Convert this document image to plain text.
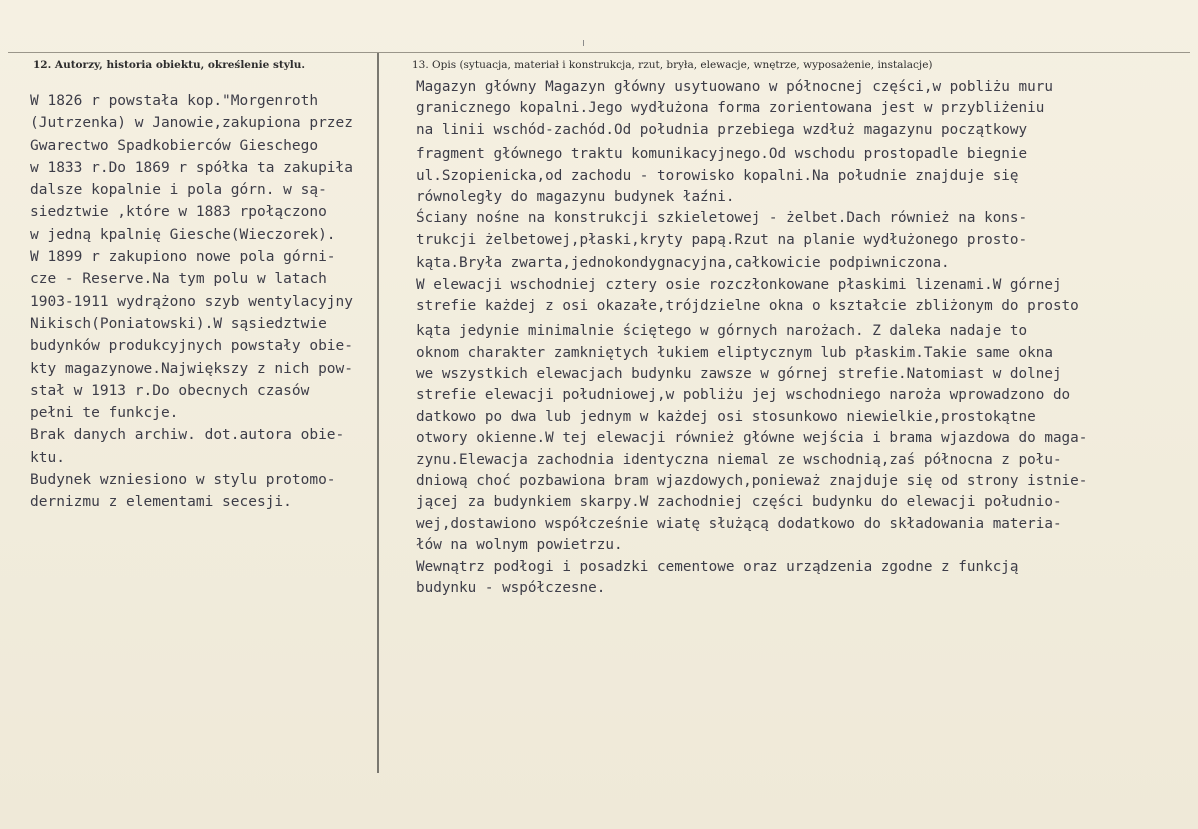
12. Autorzy, historia obiektu, określenie stylu.	13. Opis (sytuacja, materiał i konstrukcja, rzut, bryła, elewacje, wnętrze, wyposażenie, instalacje)
W 1826 r powstała kop."Morgenroth
(Jutrzenka) w Janowie,zakupiona przez
Gwarectwo Spadkobierców Gieschego
w 1833 r.Do 1869 r spółka ta zakupiła
dalsze kopalnie i pola górn. w są-
siedztwie ,które w 1883 rpołączono
w jedną kpalnię Giesche(Wieczorek).
W 1899 r zakupiono nowe pola górni-
cze - Reserve.Na tym polu w latach
1903-1911 wydrążono szyb wentylacyjny
Nikisch(Poniatowski).W sąsiedztwie
budynków produkcyjnych powstały obie-
kty magazynowe.Największy z nich pow-
stał w 1913 r.Do obecnych czasów
pełni te funkcje.
Brak danych archiw. dot.autora obie-
ktu.
Budynek wzniesiono w stylu protomo-
dernizmu z elementami secesji.
Magazyn główny Magazyn główny usytuowano w północnej części,w pobliżu muru
granicznego kopalni.Jego wydłużona forma zorientowana jest w przybliżeniu
na linii wschód-zachód.Od południa przebiega wzdłuż magazynu początkowy
fragment głównego traktu komunikacyjnego.Od wschodu prostopadle biegnie
ul.Szopienicka,od zachodu - torowisko kopalni.Na południe znajduje się
równoległy do magazynu budynek łaźni.
Ściany nośne na konstrukcji szkieletowej - żelbet.Dach również na kons-
trukcji żelbetowej,płaski,kryty papą.Rzut na planie wydłużonego prosto-
kąta.Bryła zwarta,jednokondygnacyjna,całkowicie podpiwniczona.
W elewacji wschodniej cztery osie rozczłonkowane płaskimi lizenami.W górnej
strefie każdej z osi okazałe,trójdzielne okna o kształcie zbliżonym do prosto
kąta jedynie minimalnie ściętego w górnych narożach. Z daleka nadaje to
oknom charakter zamkniętych łukiem eliptycznym lub płaskim.Takie same okna
we wszystkich elewacjach budynku zawsze w górnej strefie.Natomiast w dolnej
strefie elewacji południowej,w pobliżu jej wschodniego naroża wprowadzono do
datkowo po dwa lub jednym w każdej osi stosunkowo niewielkie,prostokątne
otwory okienne.W tej elewacji również główne wejścia i brama wjazdowa do maga-
zynu.Elewacja zachodnia identyczna niemal ze wschodnią,zaś północna z połu-
dniową choć pozbawiona bram wjazdowych,ponieważ znajduje się od strony istnie-
jącej za budynkiem skarpy.W zachodniej części budynku do elewacji południo-
wej,dostawiono współcześnie wiatę służącą dodatkowo do składowania materia-
łów na wolnym powietrzu.
Wewnątrz podłogi i posadzki cementowe oraz urządzenia zgodne z funkcją
budynku - współczesne.
